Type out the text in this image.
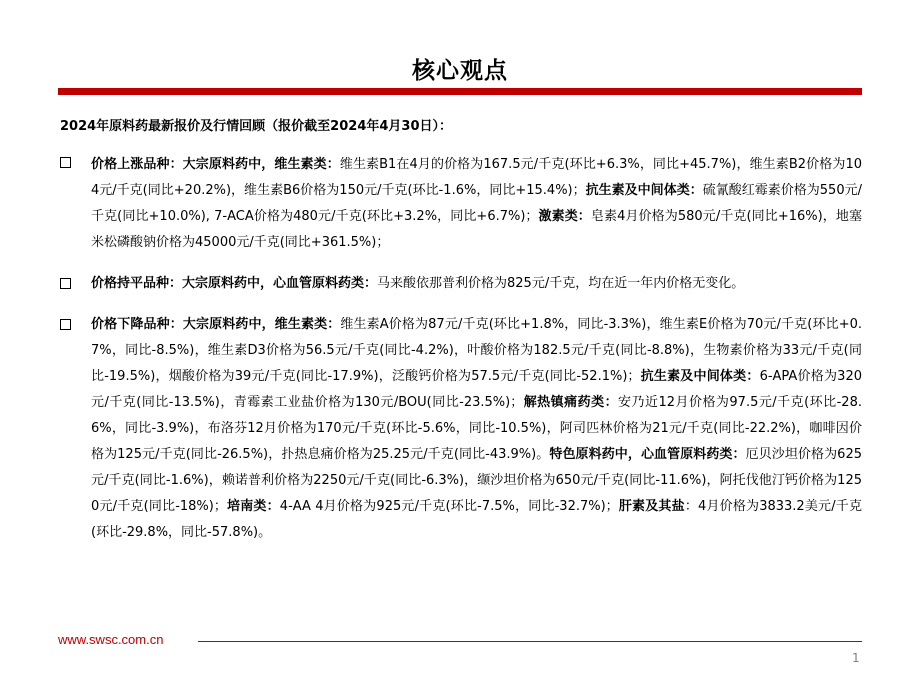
核心观点
2024年原料药最新报价及行情回顾（报价截至2024年4月30日）：
价格上涨品种：大宗原料药中，维生素类：维生素B1在4月的价格为167.5元/千克(环比+6.3%，同比+45.7%)，维生素B2价格为104元/千克(同比+20.2%)，维生素B6价格为150元/千克(环比-1.6%，同比+15.4%)；抗生素及中间体类：硫氰酸红霉素价格为550元/千克(同比+10.0%), 7-ACA价格为480元/千克(环比+3.2%，同比+6.7%)；激素类：皂素4月价格为580元/千克(同比+16%)，地塞米松磷酸钠价格为45000元/千克(同比+361.5%)；
价格持平品种：大宗原料药中，心血管原料药类：马来酸依那普利价格为825元/千克，均在近一年内价格无变化。
价格下降品种：大宗原料药中，维生素类：维生素A价格为87元/千克(环比+1.8%，同比-3.3%)，维生素E价格为70元/千克(环比+0.7%，同比-8.5%)，维生素D3价格为56.5元/千克(同比-4.2%)，叶酸价格为182.5元/千克(同比-8.8%)，生物素价格为33元/千克(同比-19.5%)，烟酸价格为39元/千克(同比-17.9%)，泛酸钙价格为57.5元/千克(同比-52.1%)；抗生素及中间体类：6-APA价格为320元/千克(同比-13.5%)，青霉素工业盐价格为130元/BOU(同比-23.5%)；解热镇痛药类：安乃近12月价格为97.5元/千克(环比-28.6%，同比-3.9%)，布洛芬12月价格为170元/千克(环比-5.6%，同比-10.5%)，阿司匹林价格为21元/千克(同比-22.2%)，咖啡因价格为125元/千克(同比-26.5%)，扑热息痛价格为25.25元/千克(同比-43.9%)。特色原料药中，心血管原料药类：厄贝沙坦价格为625元/千克(同比-1.6%)，赖诺普利价格为2250元/千克(同比-6.3%)，缬沙坦价格为650元/千克(同比-11.6%)，阿托伐他汀钙价格为1250元/千克(同比-18%)；培南类：4-AA 4月价格为925元/千克(环比-7.5%，同比-32.7%)；肝素及其盐：4月价格为3833.2美元/千克(环比-29.8%，同比-57.8%)。
www.swsc.com.cn
1
